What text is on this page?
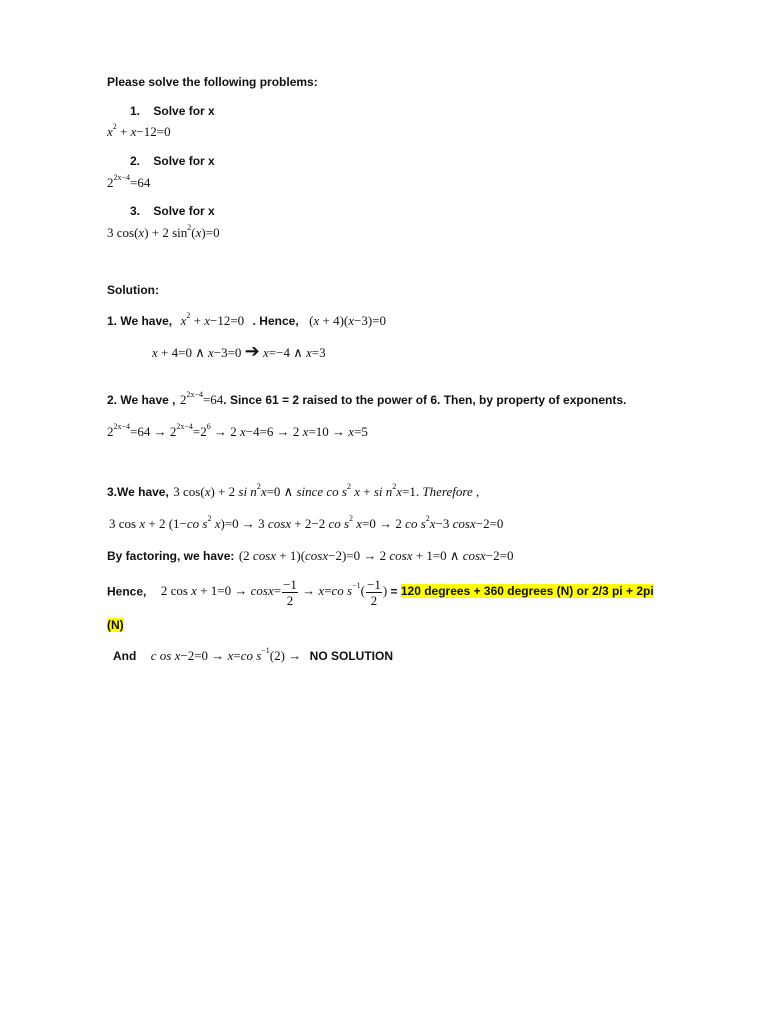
Please solve the following problems:
1. Solve for x
$x^2 + x-12=0$
2. Solve for x
$2^{2x-4}=64$
3. Solve for x
3 cos(x) + 2 $\sin^2(x)=0$
Solution:
1. We have, $x^2 + x-12=0$ . Hence, (x + 4)(x−3)=0
x + 4=0 ∧ x−3=0 ➔ x=−4 ∧ x=3
2. We have , $2^{2x-4}=64$. Since 61 = 2 raised to the power of 6. Then, by property of exponents.
$2^{2x-4}=64 \to 2^{2x-4}=2^6 \to 2$ x−4=6 → 2 x=10 → x=5
3.We have, 3 cos(x) + 2 si $n^2x=0$ ∧ since co $s^2$ x + si $n^2x=1$. Therefore ,
3 cos x + 2 (1−co $s^2$ x)=0 → 3 cosx + 2−2 co $s^2$ x=0 → 2 co $s^2x-3$ cosx−2=0
By factoring, we have: (2 cosx + 1)(cosx−2)=0 → 2 cosx + 1=0 ∧ cosx−2=0
Hence, 2 $\cos x + 1=0 \to \cos x= \frac{-1}{2} \to x=co$ $s^{-1}( \frac{-1}{2}$ ) = 120 degrees + 360 degrees (N) or 2/3 pi + 2pi
(N)
And c os x−2=0 → x=co $s^{-1}(2)$ → NO SOLUTION
